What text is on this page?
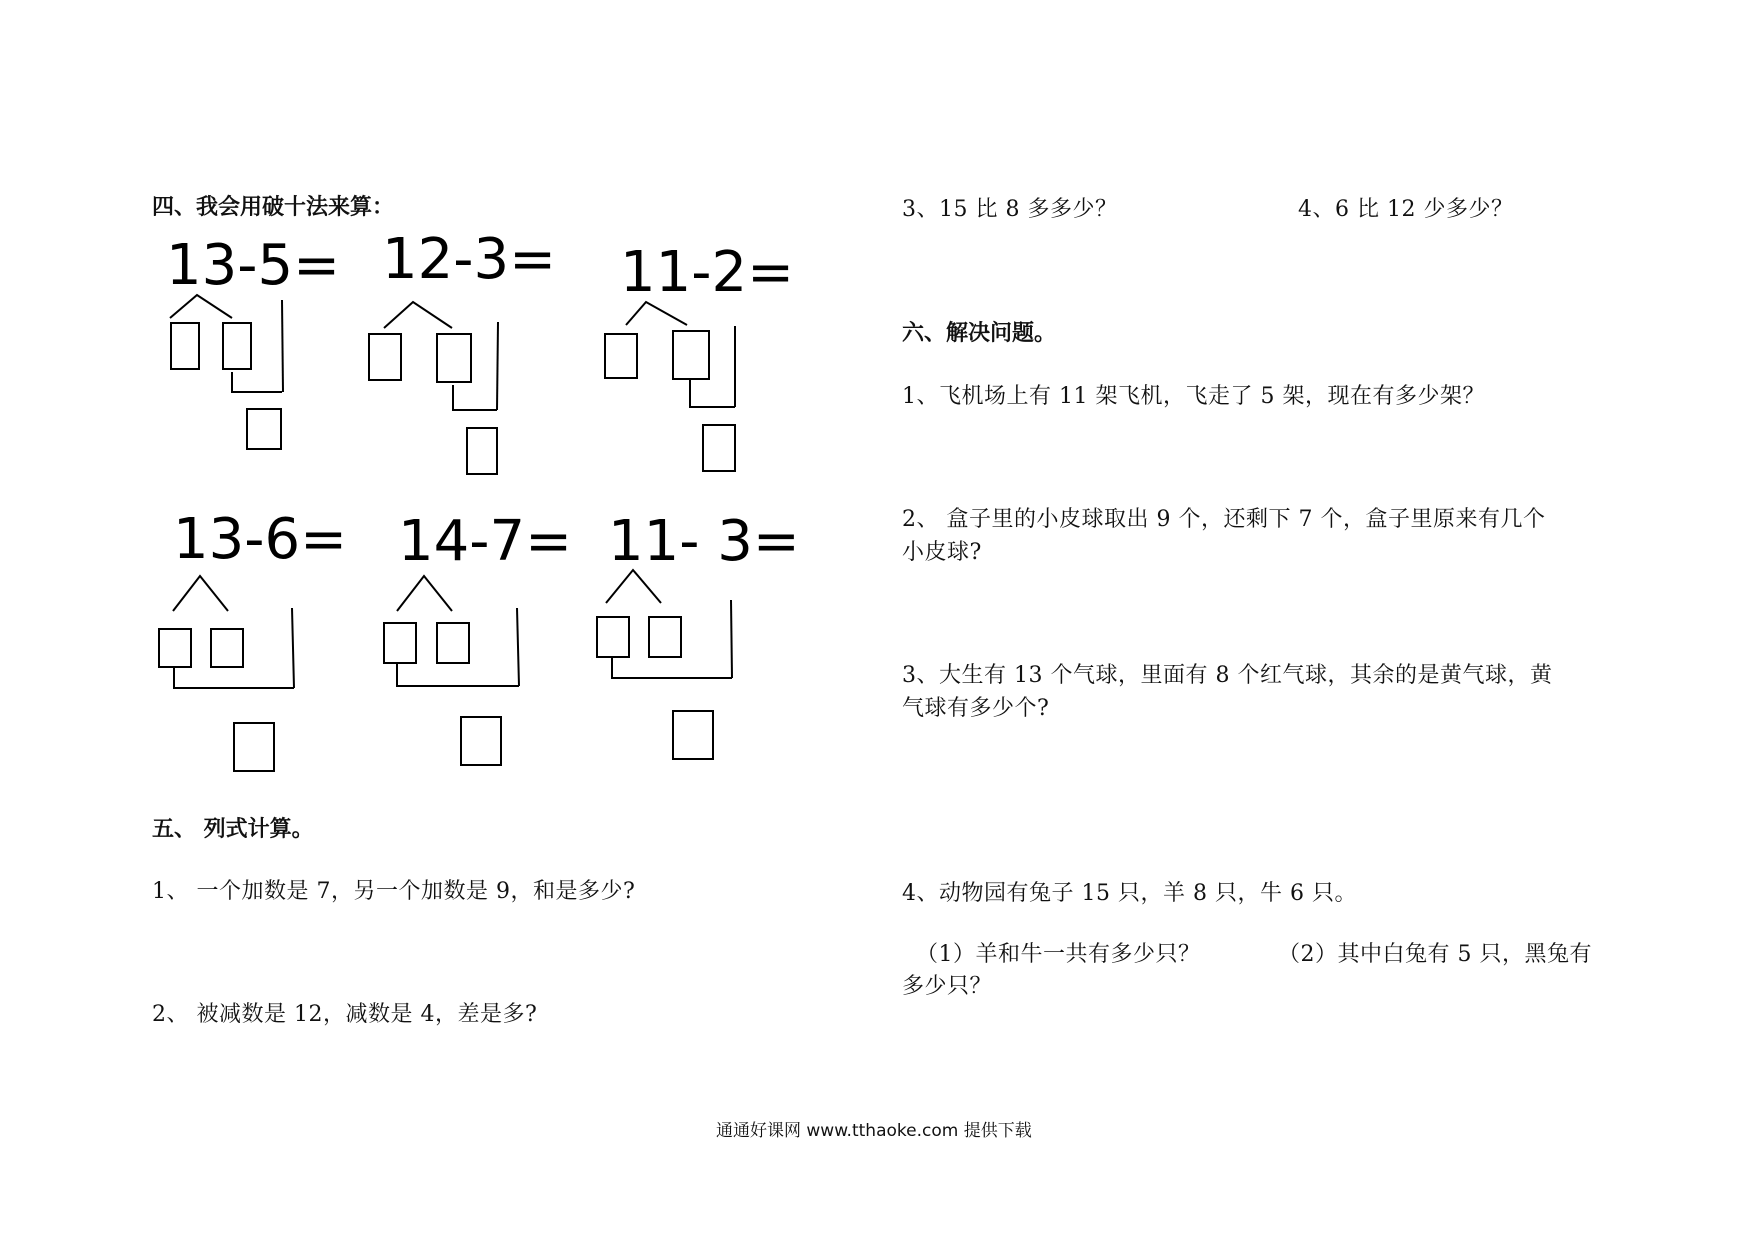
四、我会用破十法来算：
13-5= 12-3= 11-2=
13-6= 14-7= 11- 3=
五、 列式计算。
1、 一个加数是 7，另一个加数是 9，和是多少?
2、 被减数是 12，减数是 4，差是多?
3、15 比 8 多多少？	4、6 比 12 少多少？
六、解决问题。
1、飞机场上有 11 架飞机，飞走了 5 架，现在有多少架？
2、 盒子里的小皮球取出 9 个，还剩下 7 个，盒子里原来有几个
小皮球?
3、大生有 13 个气球，里面有 8 个红气球，其余的是黄气球，黄
气球有多少个?
4、动物园有兔子 15 只，羊 8 只，牛 6 只。
（1）羊和牛一共有多少只？	（2）其中白兔有 5 只，黑兔有
多少只？
通通好课网 www.tthaoke.com 提供下载
